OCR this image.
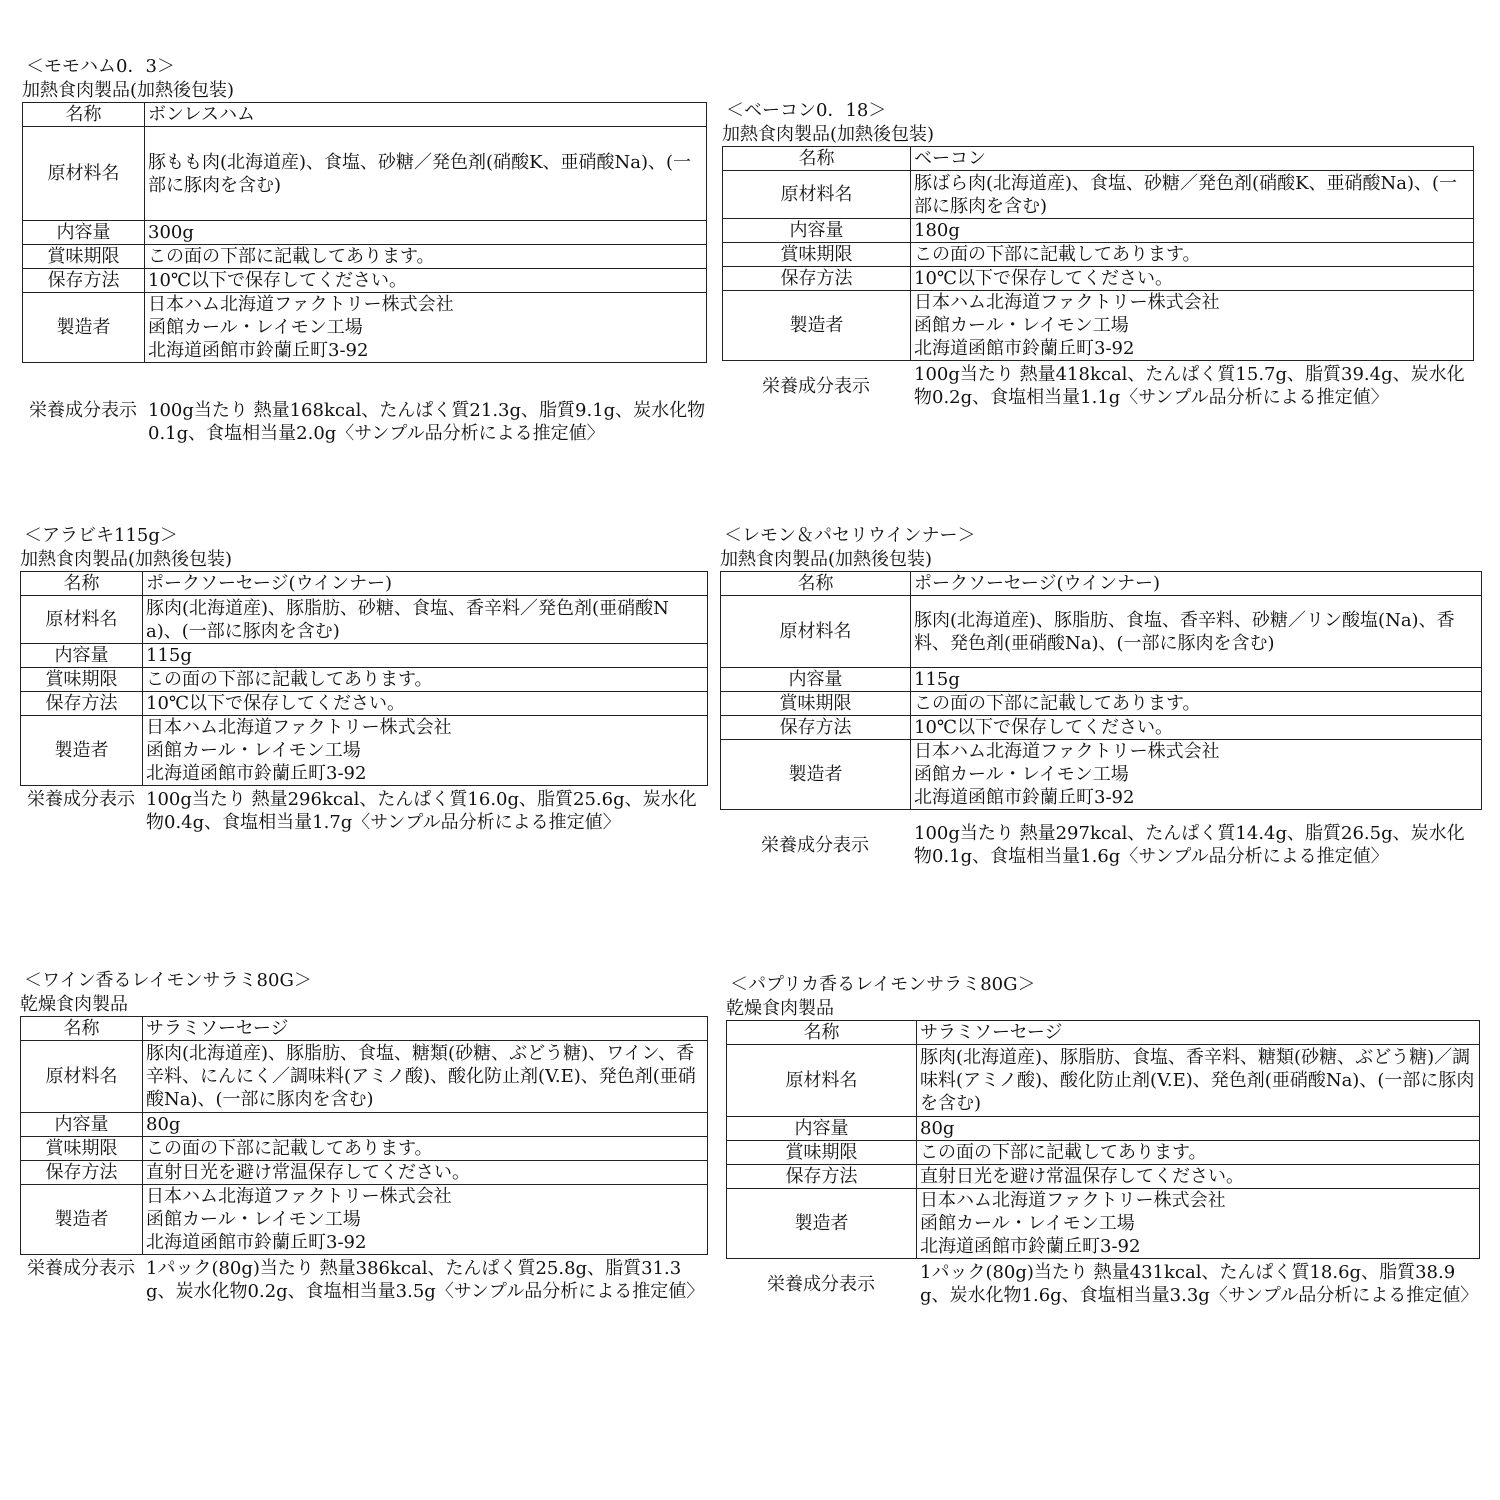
＜モモハム0．3＞
加熱食肉製品(加熱後包装)
名称	ボンレスハム
原材料名	豚もも肉(北海道産)、食塩、砂糖／発色剤(硝酸K、亜硝酸Na)、(一部に豚肉を含む)
内容量	300g
賞味期限	この面の下部に記載してあります。
保存方法	10℃以下で保存してください。
製造者	日本ハム北海道ファクトリー株式会社
函館カール・レイモン工場
北海道函館市鈴蘭丘町3-92
栄養成分表示 100g当たり 熱量168kcal、たんぱく質21.3g、脂質9.1g、炭水化物0.1g、食塩相当量2.0g〈サンプル品分析による推定値〉
＜ベーコン0．18＞
加熱食肉製品(加熱後包装)
名称	ベーコン
原材料名	豚ばら肉(北海道産)、食塩、砂糖／発色剤(硝酸K、亜硝酸Na)、(一部に豚肉を含む)
内容量	180g
賞味期限	この面の下部に記載してあります。
保存方法	10℃以下で保存してください。
製造者	日本ハム北海道ファクトリー株式会社
函館カール・レイモン工場
北海道函館市鈴蘭丘町3-92
栄養成分表示
100g当たり 熱量418kcal、たんぱく質15.7g、脂質39.4g、炭水化物0.2g、食塩相当量1.1g〈サンプル品分析による推定値〉
＜アラビキ115g＞
加熱食肉製品(加熱後包装)
名称	ポークソーセージ(ウインナー)
原材料名	豚肉(北海道産)、豚脂肪、砂糖、食塩、香辛料／発色剤(亜硝酸Na)、(一部に豚肉を含む)
内容量	115g
賞味期限	この面の下部に記載してあります。
保存方法	10℃以下で保存してください。
製造者	日本ハム北海道ファクトリー株式会社
函館カール・レイモン工場
北海道函館市鈴蘭丘町3-92
栄養成分表示 100g当たり 熱量296kcal、たんぱく質16.0g、脂質25.6g、炭水化物0.4g、食塩相当量1.7g〈サンプル品分析による推定値〉
＜レモン＆パセリウインナー＞
加熱食肉製品(加熱後包装)
名称	ポークソーセージ(ウインナー)
原材料名	豚肉(北海道産)、豚脂肪、食塩、香辛料、砂糖／リン酸塩(Na)、香料、発色剤(亜硝酸Na)、(一部に豚肉を含む)
内容量	115g
賞味期限	この面の下部に記載してあります。
保存方法	10℃以下で保存してください。
製造者	日本ハム北海道ファクトリー株式会社
函館カール・レイモン工場
北海道函館市鈴蘭丘町3-92
栄養成分表示
100g当たり 熱量297kcal、たんぱく質14.4g、脂質26.5g、炭水化物0.1g、食塩相当量1.6g〈サンプル品分析による推定値〉
＜ワイン香るレイモンサラミ80G＞
乾燥食肉製品
名称	サラミソーセージ
原材料名	豚肉(北海道産)、豚脂肪、食塩、糖類(砂糖、ぶどう糖)、ワイン、香辛料、にんにく／調味料(アミノ酸)、酸化防止剤(V.E)、発色剤(亜硝酸Na)、(一部に豚肉を含む)
内容量	80g
賞味期限	この面の下部に記載してあります。
保存方法	直射日光を避け常温保存してください。
製造者	日本ハム北海道ファクトリー株式会社
函館カール・レイモン工場
北海道函館市鈴蘭丘町3-92
栄養成分表示 1パック(80g)当たり 熱量386kcal、たんぱく質25.8g、脂質31.3g、炭水化物0.2g、食塩相当量3.5g〈サンプル品分析による推定値〉
＜パプリカ香るレイモンサラミ80G＞
乾燥食肉製品
名称	サラミソーセージ
原材料名	豚肉(北海道産)、豚脂肪、食塩、香辛料、糖類(砂糖、ぶどう糖)／調味料(アミノ酸)、酸化防止剤(V.E)、発色剤(亜硝酸Na)、(一部に豚肉を含む)
内容量	80g
賞味期限	この面の下部に記載してあります。
保存方法	直射日光を避け常温保存してください。
製造者	日本ハム北海道ファクトリー株式会社
函館カール・レイモン工場
北海道函館市鈴蘭丘町3-92
栄養成分表示
1パック(80g)当たり 熱量431kcal、たんぱく質18.6g、脂質38.9g、炭水化物1.6g、食塩相当量3.3g〈サンプル品分析による推定値〉
